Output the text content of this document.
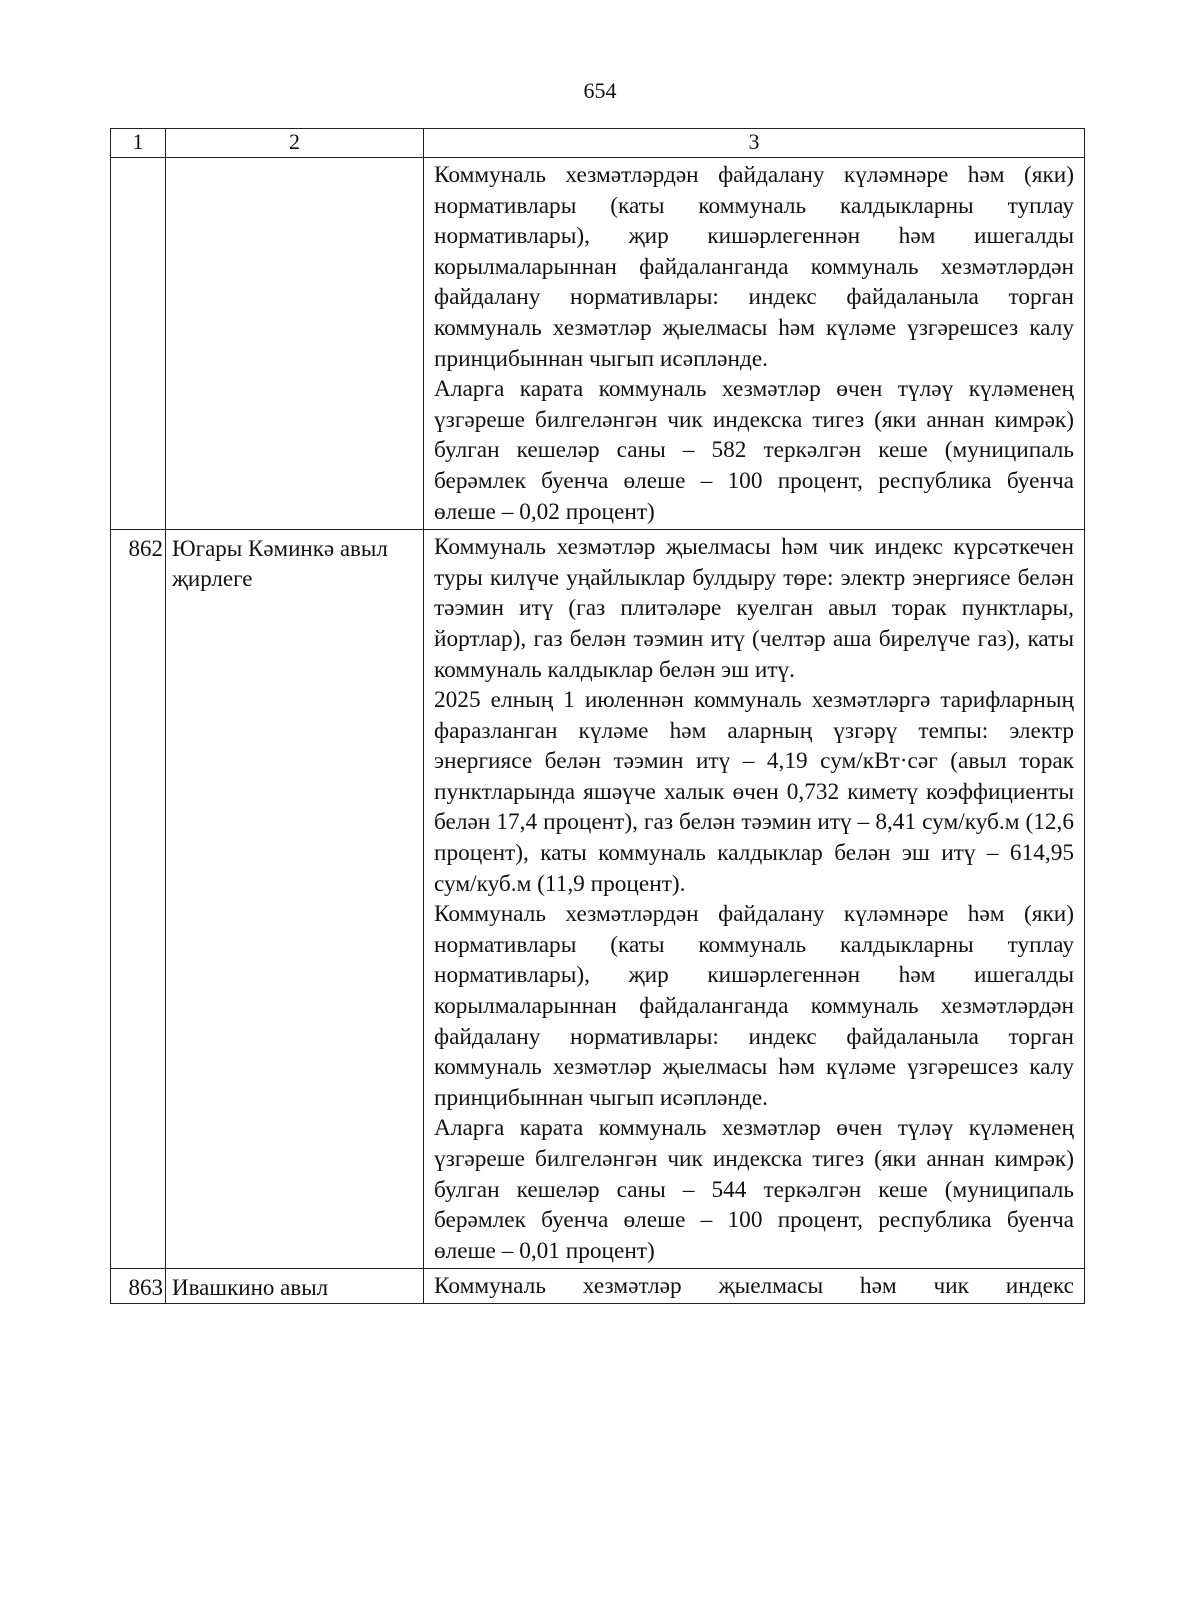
654
1	2	3

		Коммуналь хезмәтләрдән файдалану күләмнәре һәм (яки) нормативлары (каты коммуналь калдыкларны туплау нормативлары), җир кишәрлегеннән һәм ишегалды корылмаларыннан файдаланганда коммуналь хезмәтләрдән файдалану нормативлары: индекс файдаланыла торган коммуналь хезмәтләр җыелмасы һәм күләме үзгәрешсез калу принцибыннан чыгып исәпләнде.

Аларга карата коммуналь хезмәтләр өчен түләү күләменең үзгәреше билгеләнгән чик индекска тигез (яки аннан кимрәк) булган кешеләр саны – 582 теркәлгән кеше (муниципаль берәмлек буенча өлеше – 100 процент, республика буенча өлеше – 0,02 процент)

862	Югары Кәминкә авыл җирлеге	Коммуналь хезмәтләр җыелмасы һәм чик индекс күрсәткечен туры килүче уңайлыклар булдыру төре: электр энергиясе белән тәэмин итү (газ плитәләре куелган авыл торак пунктлары, йортлар), газ белән тәэмин итү (челтәр аша бирелүче газ), каты коммуналь калдыклар белән эш итү.

2025 елның 1 июленнән коммуналь хезмәтләргә тарифларның фаразланган күләме һәм аларның үзгәрү темпы: электр энергиясе белән тәэмин итү – 4,19 сум/кВт·сәг (авыл торак пунктларында яшәүче халык өчен 0,732 киметү коэффициенты белән 17,4 процент), газ белән тәэмин итү – 8,41 сум/куб.м (12,6 процент), каты коммуналь калдыклар белән эш итү – 614,95 сум/куб.м (11,9 процент).

Коммуналь хезмәтләрдән файдалану күләмнәре һәм (яки) нормативлары (каты коммуналь калдыкларны туплау нормативлары), җир кишәрлегеннән һәм ишегалды корылмаларыннан файдаланганда коммуналь хезмәтләрдән файдалану нормативлары: индекс файдаланыла торган коммуналь хезмәтләр җыелмасы һәм күләме үзгәрешсез калу принцибыннан чыгып исәпләнде.

Аларга карата коммуналь хезмәтләр өчен түләү күләменең үзгәреше билгеләнгән чик индекска тигез (яки аннан кимрәк) булган кешеләр саны – 544 теркәлгән кеше (муниципаль берәмлек буенча өлеше – 100 процент, республика буенча өлеше – 0,01 процент)

863	Ивашкино авыл	Коммуналь хезмәтләр җыелмасы һәм чик индекс
